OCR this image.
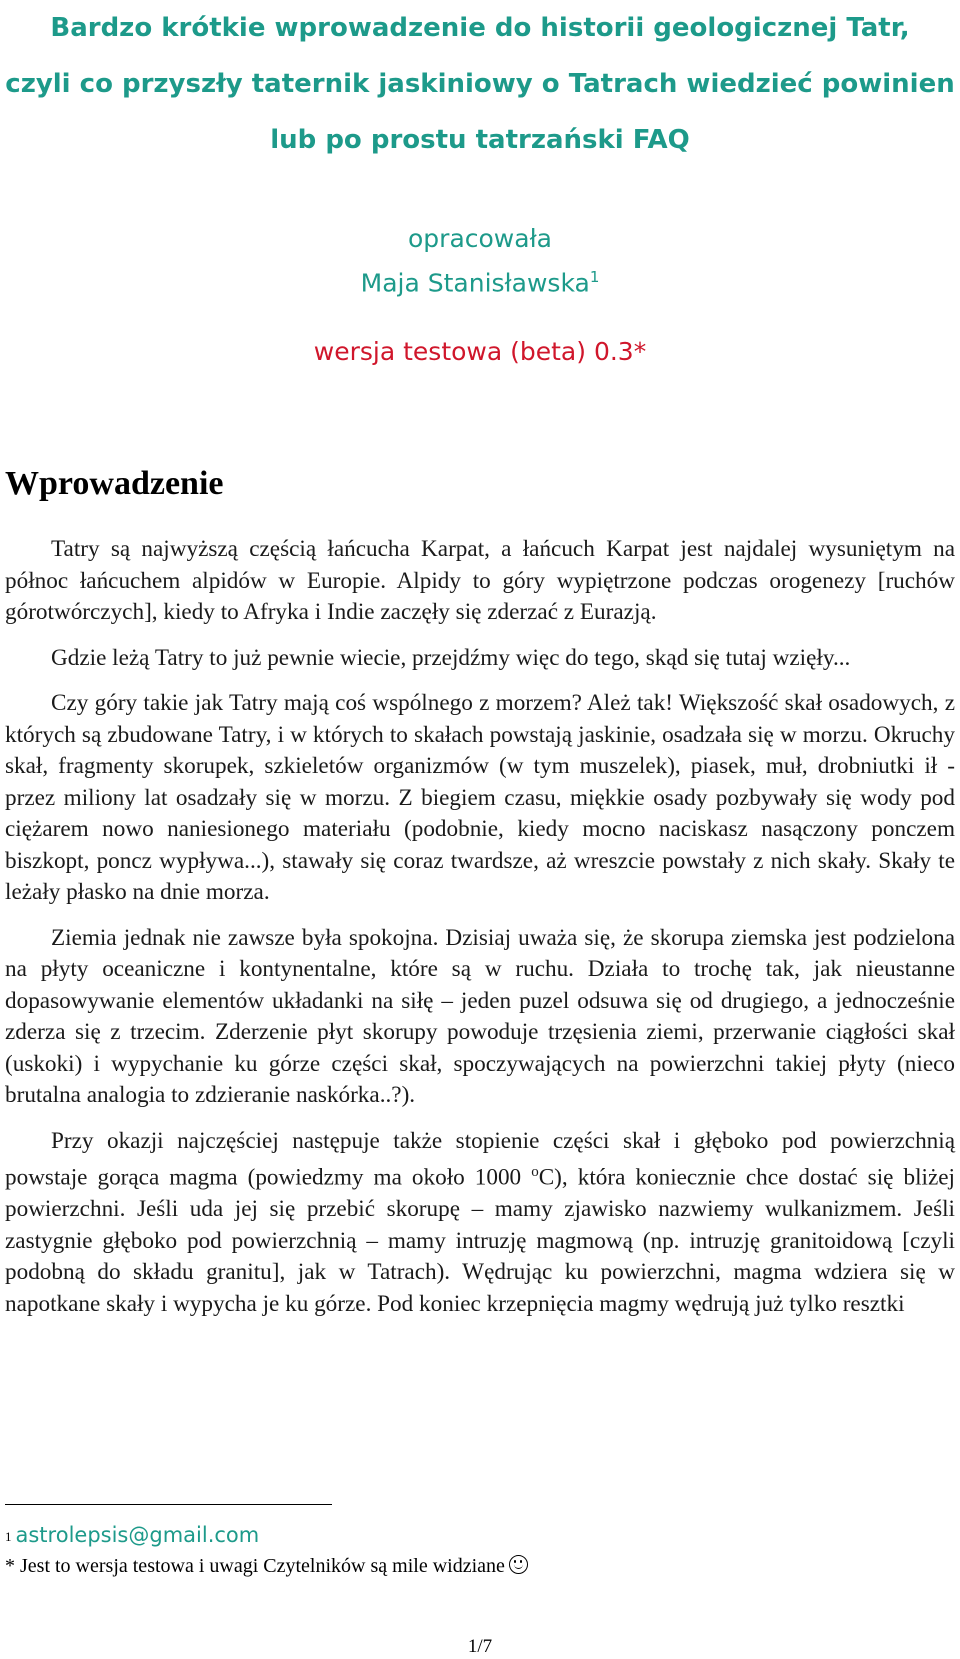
Bardzo krótkie wprowadzenie do historii geologicznej Tatr,
czyli co przyszły taternik jaskiniowy o Tatrach wiedzieć powinien
lub po prostu tatrzański FAQ
opracowała
Maja Stanisławska$^1$
wersja testowa (beta) 0.3*
Wprowadzenie

Tatry są najwyższą częścią łańcucha Karpat, a łańcuch Karpat jest najdalej wysuniętym na północ łańcuchem alpidów w Europie. Alpidy to góry wypiętrzone podczas orogenezy [ruchów górotwórczych], kiedy to Afryka i Indie zaczęły się zderzać z Eurazją.

Gdzie leżą Tatry to już pewnie wiecie, przejdźmy więc do tego, skąd się tutaj wzięły...

Czy góry takie jak Tatry mają coś wspólnego z morzem? Ależ tak! Większość skał osadowych, z których są zbudowane Tatry, i w których to skałach powstają jaskinie, osadzała się w morzu. Okruchy skał, fragmenty skorupek, szkieletów organizmów (w tym muszelek), piasek, muł, drobniutki ił - przez miliony lat osadzały się w morzu. Z biegiem czasu, miękkie osady pozbywały się wody pod ciężarem nowo naniesionego materiału (podobnie, kiedy mocno naciskasz nasączony ponczem biszkopt, poncz wypływa...), stawały się coraz twardsze, aż wreszcie powstały z nich skały. Skały te leżały płasko na dnie morza.

Ziemia jednak nie zawsze była spokojna. Dzisiaj uważa się, że skorupa ziemska jest podzielona na płyty oceaniczne i kontynentalne, które są w ruchu. Działa to trochę tak, jak nieustanne dopasowywanie elementów układanki na siłę – jeden puzel odsuwa się od drugiego, a jednocześnie zderza się z trzecim. Zderzenie płyt skorupy powoduje trzęsienia ziemi, przerwanie ciągłości skał (uskoki) i wypychanie ku górze części skał, spoczywających na powierzchni takiej płyty (nieco brutalna analogia to zdzieranie naskórka..?).

Przy okazji najczęściej następuje także stopienie części skał i głęboko pod powierzchnią powstaje gorąca magma (powiedzmy ma około 1000 $^o$C), która koniecznie chce dostać się bliżej powierzchni. Jeśli uda jej się przebić skorupę – mamy zjawisko nazwiemy wulkanizmem. Jeśli zastygnie głęboko pod powierzchnią – mamy intruzję magmową (np. intruzję granitoidową [czyli podobną do składu granitu], jak w Tatrach). Wędrując ku powierzchni, magma wdziera się w napotkane skały i wypycha je ku górze. Pod koniec krzepnięcia magmy wędrują już tylko resztki

$^1$ astrolepsis@gmail.com
* Jest to wersja testowa i uwagi Czytelników są mile widziane
1/7
